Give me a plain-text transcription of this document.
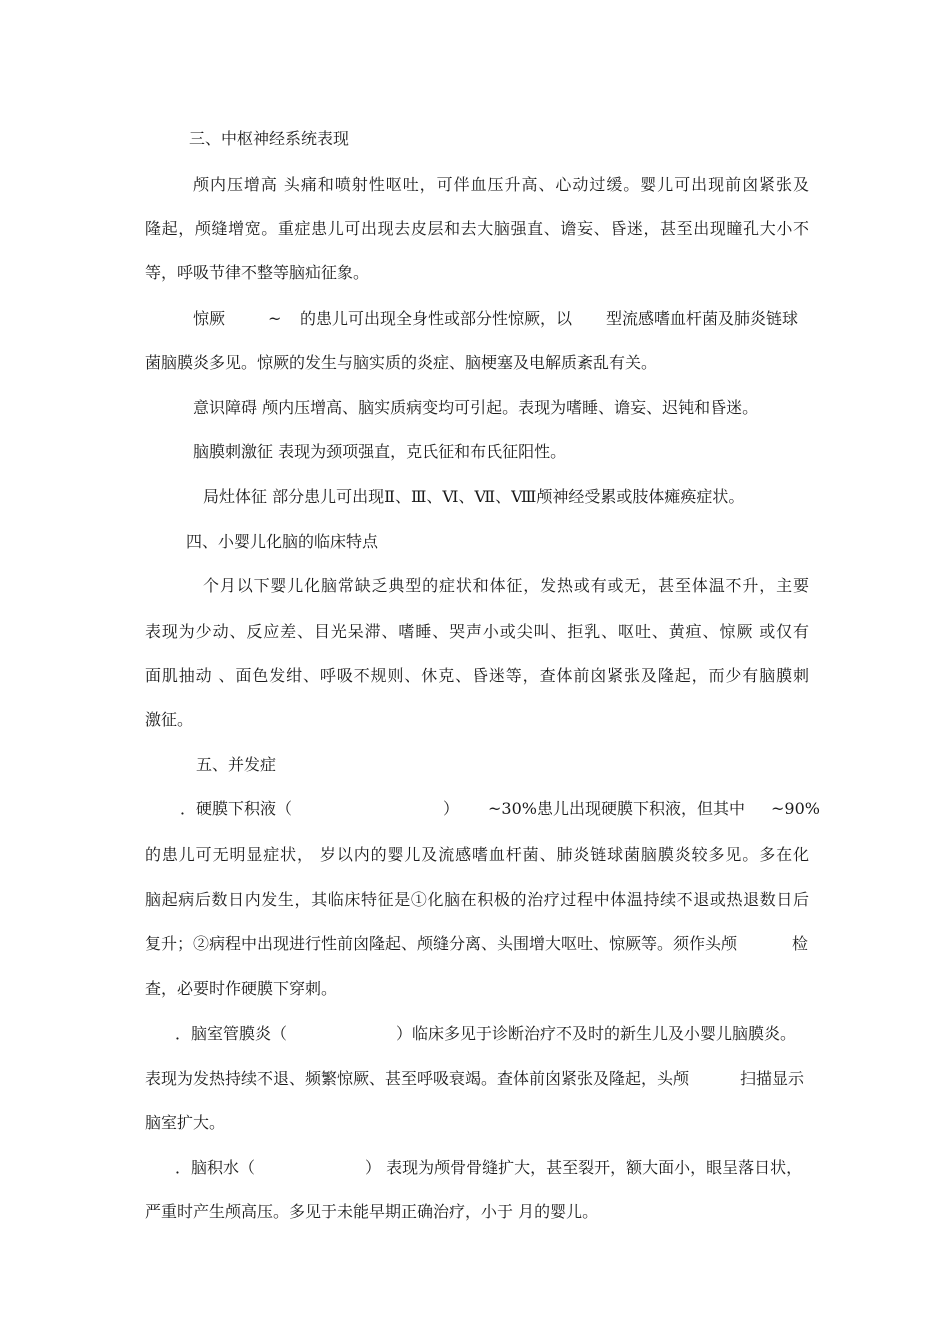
三、中枢神经系统表现
颅内压增高 头痛和喷射性呕吐，可伴血压升高、心动过缓。婴儿可出现前囟紧张及
隆起，颅缝增宽。重症患儿可出现去皮层和去大脑强直、谵妄、昏迷，甚至出现瞳孔大小不
等，呼吸节律不整等脑疝征象。
惊厥	~ 的患儿可出现全身性或部分性惊厥，以 型流感嗜血杆菌及肺炎链球
菌脑膜炎多见。惊厥的发生与脑实质的炎症、脑梗塞及电解质紊乱有关。
意识障碍 颅内压增高、脑实质病变均可引起。表现为嗜睡、谵妄、迟钝和昏迷。
脑膜刺激征 表现为颈项强直，克氏征和布氏征阳性。
局灶体征 部分患儿可出现Ⅱ、Ⅲ、Ⅵ、Ⅶ、Ⅷ颅神经受累或肢体瘫痪症状。
四、小婴儿化脑的临床特点
个月以下婴儿化脑常缺乏典型的症状和体征，发热或有或无，甚至体温不升，主要
表现为少动、反应差、目光呆滞、嗜睡、哭声小或尖叫、拒乳、呕吐、黄疸、惊厥 或仅有
面肌抽动 、面色发绀、呼吸不规则、休克、昏迷等，查体前囟紧张及隆起，而少有脑膜刺
激征。
五、并发症
．硬膜下积液（	） ~30%患儿出现硬膜下积液，但其中 ~90%
的患儿可无明显症状， 岁以内的婴儿及流感嗜血杆菌、肺炎链球菌脑膜炎较多见。多在化
脑起病后数日内发生，其临床特征是①化脑在积极的治疗过程中体温持续不退或热退数日后
复升；②病程中出现进行性前囟隆起、颅缝分离、头围增大呕吐、惊厥等。须作头颅	检
查，必要时作硬膜下穿刺。
．脑室管膜炎（	）临床多见于诊断治疗不及时的新生儿及小婴儿脑膜炎。
表现为发热持续不退、频繁惊厥、甚至呼吸衰竭。查体前囟紧张及隆起，头颅	扫描显示
脑室扩大。
．脑积水（	） 表现为颅骨骨缝扩大，甚至裂开，额大面小，眼呈落日状，
严重时产生颅高压。多见于未能早期正确治疗，小于 月的婴儿。
